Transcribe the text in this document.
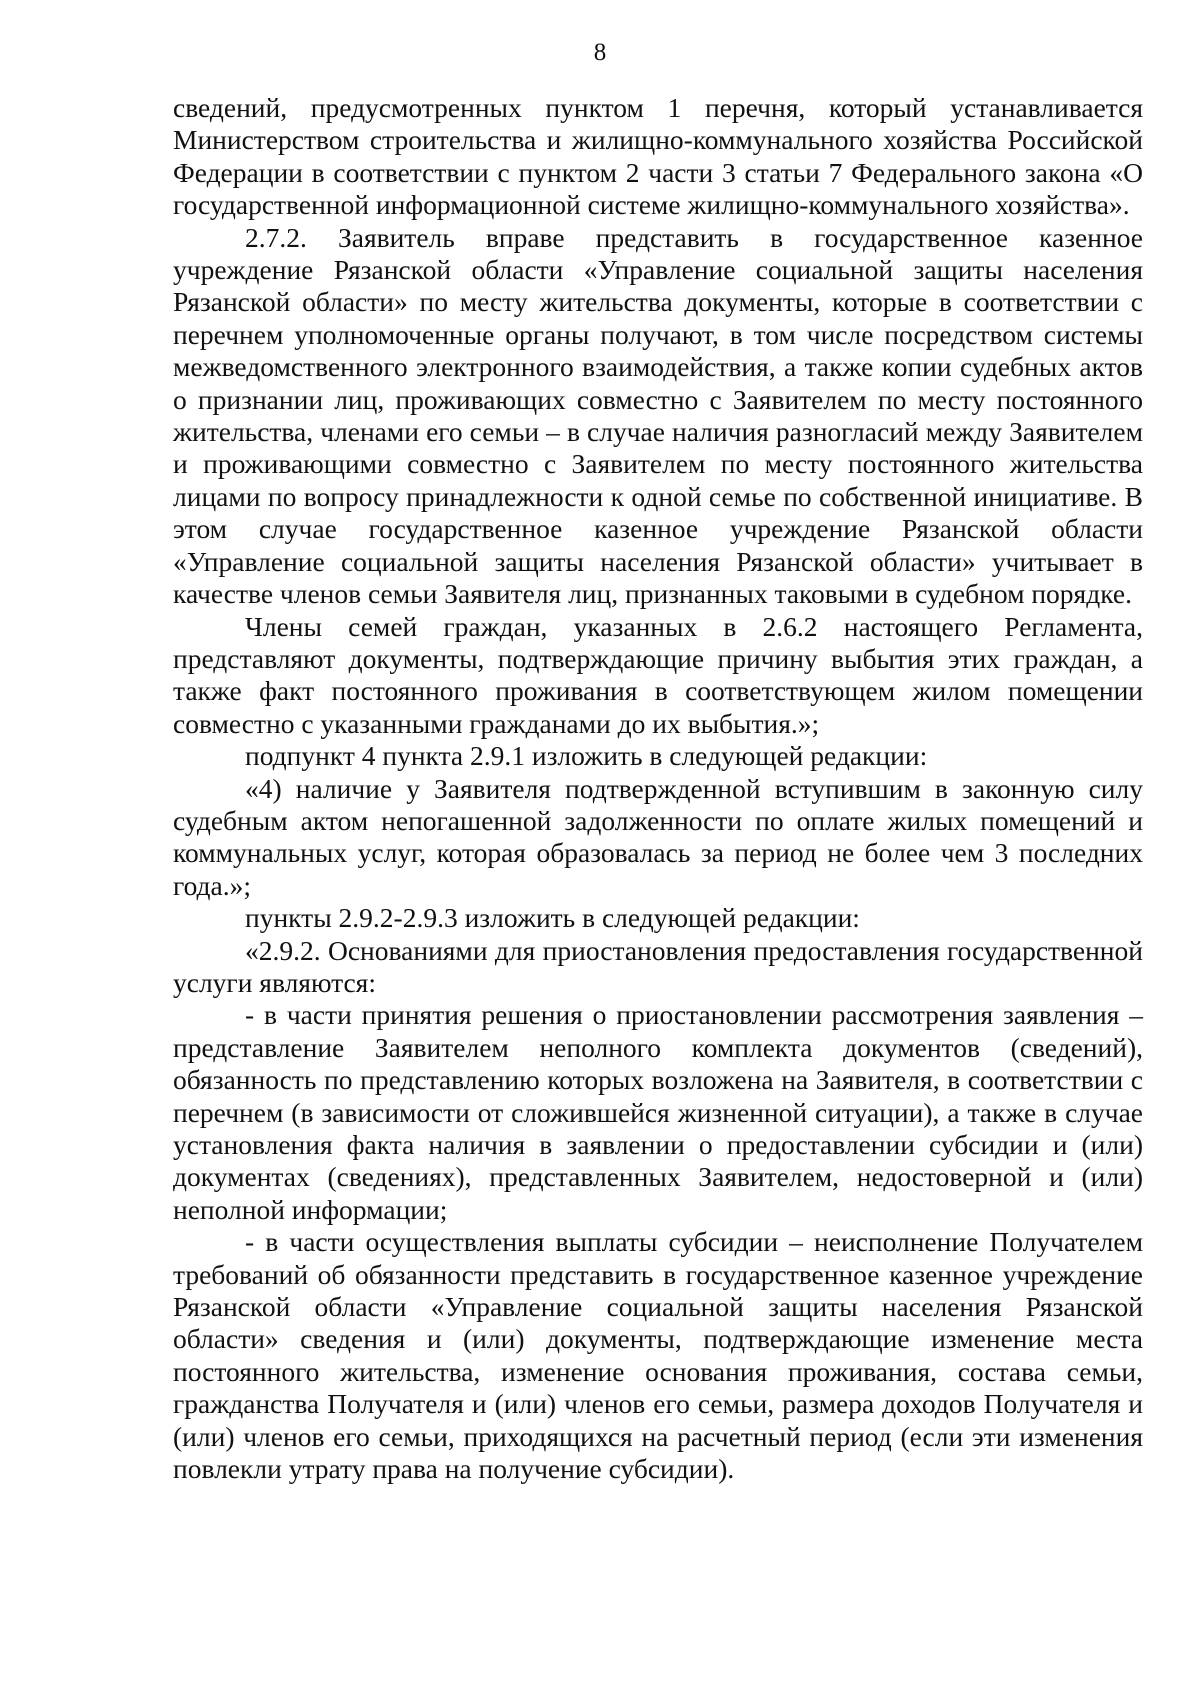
8

сведений, предусмотренных пунктом 1 перечня, который устанавливается Министерством строительства и жилищно-коммунального хозяйства Российской Федерации в соответствии с пунктом 2 части 3 статьи 7 Федерального закона «О государственной информационной системе жилищно-коммунального хозяйства».

2.7.2. Заявитель вправе представить в государственное казенное учреждение Рязанской области «Управление социальной защиты населения Рязанской области» по месту жительства документы, которые в соответствии с перечнем уполномоченные органы получают, в том числе посредством системы межведомственного электронного взаимодействия, а также копии судебных актов о признании лиц, проживающих совместно с Заявителем по месту постоянного жительства, членами его семьи – в случае наличия разногласий между Заявителем и проживающими совместно с Заявителем по месту постоянного жительства лицами по вопросу принадлежности к одной семье по собственной инициативе. В этом случае государственное казенное учреждение Рязанской области «Управление социальной защиты населения Рязанской области» учитывает в качестве членов семьи Заявителя лиц, признанных таковыми в судебном порядке.

Члены семей граждан, указанных в 2.6.2 настоящего Регламента, представляют документы, подтверждающие причину выбытия этих граждан, а также факт постоянного проживания в соответствующем жилом помещении совместно с указанными гражданами до их выбытия.»;

подпункт 4 пункта 2.9.1 изложить в следующей редакции:

«4) наличие у Заявителя подтвержденной вступившим в законную силу судебным актом непогашенной задолженности по оплате жилых помещений и коммунальных услуг, которая образовалась за период не более чем 3 последних года.»;

пункты 2.9.2-2.9.3 изложить в следующей редакции:

«2.9.2. Основаниями для приостановления предоставления государственной услуги являются:

- в части принятия решения о приостановлении рассмотрения заявления – представление Заявителем неполного комплекта документов (сведений), обязанность по представлению которых возложена на Заявителя, в соответствии с перечнем (в зависимости от сложившейся жизненной ситуации), а также в случае установления факта наличия в заявлении о предоставлении субсидии и (или) документах (сведениях), представленных Заявителем, недостоверной и (или) неполной информации;

- в части осуществления выплаты субсидии – неисполнение Получателем требований об обязанности представить в государственное казенное учреждение Рязанской области «Управление социальной защиты населения Рязанской области» сведения и (или) документы, подтверждающие изменение места постоянного жительства, изменение основания проживания, состава семьи, гражданства Получателя и (или) членов его семьи, размера доходов Получателя и (или) членов его семьи, приходящихся на расчетный период (если эти изменения повлекли утрату права на получение субсидии).
